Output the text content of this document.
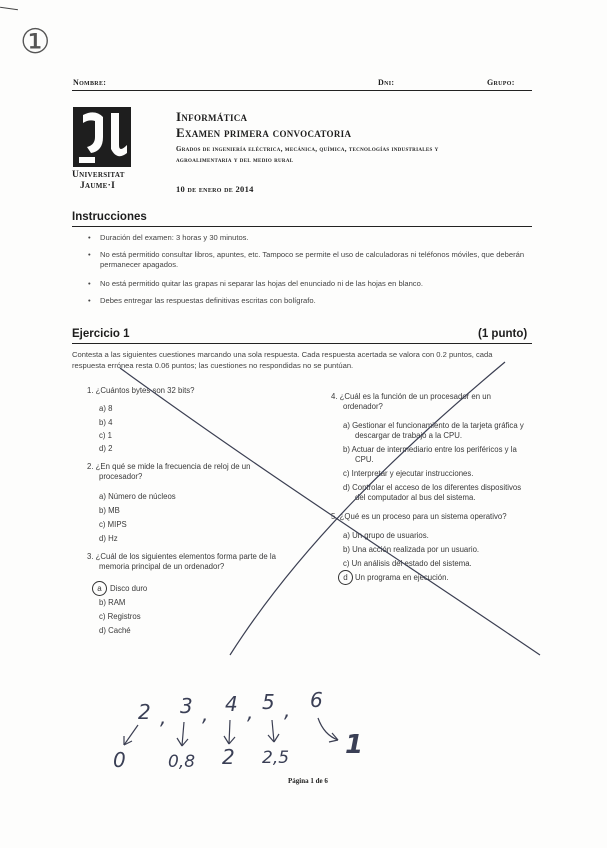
①
Nombre:	Dni:	Grupo:
Universitat
Jaume·I
Informática
Examen primera convocatoria
Grados de ingeniería eléctrica, mecánica, química, tecnologías industriales y
agroalimentaria y del medio rural
10 de enero de 2014
Instrucciones
• Duración del examen: 3 horas y 30 minutos.
• No está permitido consultar libros, apuntes, etc. Tampoco se permite el uso de calculadoras ni teléfonos móviles, que deberán permanecer apagados.
• No está permitido quitar las grapas ni separar las hojas del enunciado ni de las hojas en blanco.
• Debes entregar las respuestas definitivas escritas con bolígrafo.
Ejercicio 1	(1 punto)
Contesta a las siguientes cuestiones marcando una sola respuesta. Cada respuesta acertada se valora con 0.2 puntos, cada
respuesta errónea resta 0.06 puntos; las cuestiones no respondidas no se puntúan.
1. ¿Cuántos bytes son 32 bits?
a) 8
b) 4
c) 1
d) 2
2. ¿En qué se mide la frecuencia de reloj de un
procesador?
a) Número de núcleos
b) MB
c) MIPS
d) Hz
3. ¿Cuál de los siguientes elementos forma parte de la
memoria principal de un ordenador?
a	Disco duro
b) RAM
c) Registros
d) Caché
4. ¿Cuál es la función de un procesador en un
ordenador?
a) Gestionar el funcionamiento de la tarjeta gráfica y
descargar de trabajo a la CPU.
b) Actuar de intermediario entre los periféricos y la
CPU.
c) Interpretar y ejecutar instrucciones.
d) Controlar el acceso de los diferentes dispositivos
del computador al bus del sistema.
5. ¿Qué es un proceso para un sistema operativo?
a) Un grupo de usuarios.
b) Una acción realizada por un usuario.
c) Un análisis del estado del sistema.
d Un programa en ejecución.
2 , 3 , 4 , 5 , 6
0 0,8 2 2,5 1
Página 1 de 6
